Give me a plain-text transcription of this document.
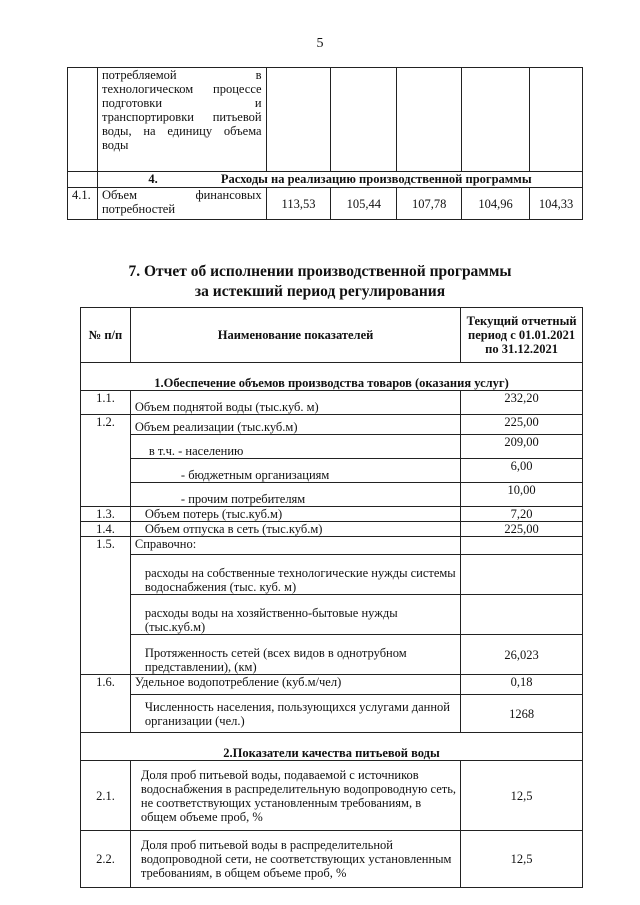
5
	потребляемой в технологическом процессе подготовки и транспортировки питьевой воды, на единицу объема воды					
	4. Расходы на реализацию производственной программы					
4.1.	Объем финансовых потребностей	113,53	105,44	107,78	104,96	104,33
7. Отчет об исполнении производственной программы
за истекший период регулирования
№ п/п	Наименование показателей	Текущий отчетный
период с 01.01.2021
по 31.12.2021

1.Обеспечение объемов производства товаров (оказания услуг)		
1.1.	Объем поднятой воды (тыс.куб. м)	232,20
1.2.	Объем реализации (тыс.куб.м)	225,00
	в т.ч. - населению	209,00
	- бюджетным организациям	6,00
	- прочим потребителям	10,00
1.3.	Объем потерь (тыс.куб.м)	7,20
1.4.	Объем отпуска в сеть (тыс.куб.м)	225,00
1.5.	Справочно:	
	расходы на собственные технологические нужды системы водоснабжения (тыс. куб. м)	
	расходы воды на хозяйственно-бытовые нужды (тыс.куб.м)	
	Протяженность сетей (всех видов в однотрубном представлении), (км)	26,023
1.6.	Удельное водопотребление (куб.м/чел)	0,18
	Численность населения, пользующихся услугами данной организации (чел.)	1268
2.Показатели качества питьевой воды		
2.1.	Доля проб питьевой воды, подаваемой с источников водоснабжения в распределительную водопроводную сеть, не соответствующих установленным требованиям, в общем объеме проб, %	12,5
2.2.	Доля проб питьевой воды в распределительной водопроводной сети, не соответствующих установленным требованиям, в общем объеме проб, %	12,5
